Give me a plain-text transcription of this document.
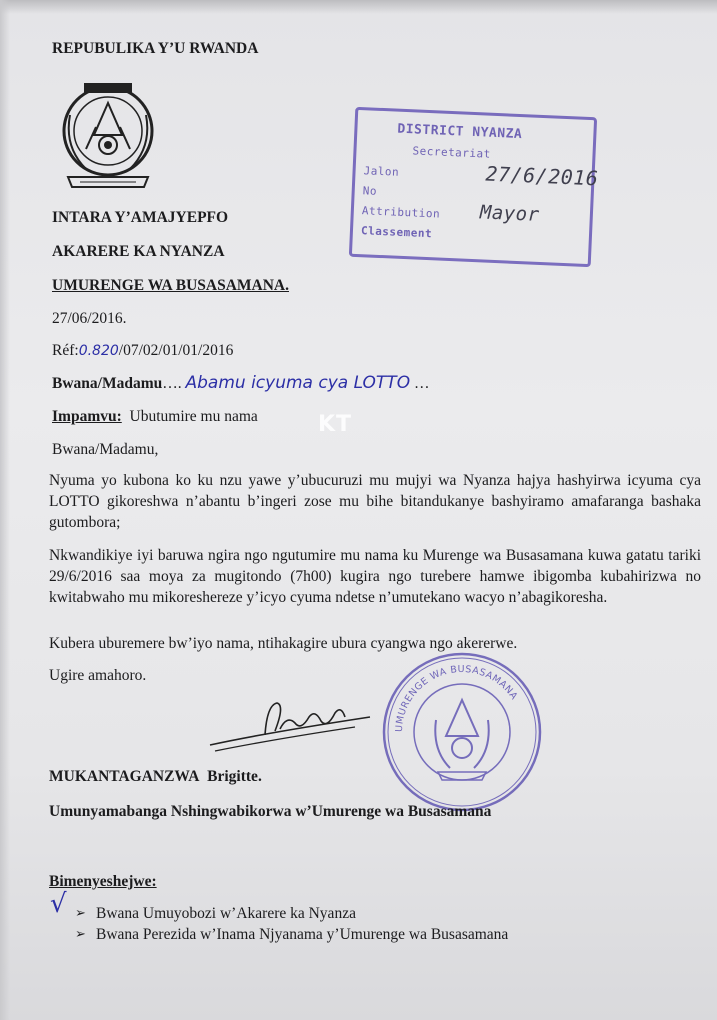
REPUBULIKA Y’U RWANDA
INTARA Y’AMAJYEPFO
AKARERE KA NYANZA
UMURENGE WA BUSASAMANA.
DISTRICT NYANZA
Secretariat
Jalon	27/6/2016
No
Attribution Mayor
Classement
27/06/2016.
Réf:0.820/07/02/01/01/2016
Bwana/Madamu…. Abamu icyuma cya LOTTO …
Impamvu: Ubutumire mu nama	KT
Bwana/Madamu,
Nyuma yo kubona ko ku nzu yawe y’ubucuruzi mu mujyi wa Nyanza hajya hashyirwa icyuma cya LOTTO gikoreshwa n’abantu b’ingeri zose mu bihe bitandukanye bashyiramo amafaranga bashaka gutombora;
Nkwandikiye iyi baruwa ngira ngo ngutumire mu nama ku Murenge wa Busasamana kuwa gatatu tariki 29/6/2016 saa moya za mugitondo (7h00) kugira ngo turebere hamwe ibigomba kubahirizwa no kwitabwaho mu mikoreshereze y’icyo cyuma ndetse n’umutekano wacyo n’abagikoresha.
Kubera uburemere bw’iyo nama, ntihakagire ubura cyangwa ngo akererwe.
Ugire amahoro.
UMURENGE WA BUSASAMANA
Dmplite
MUKANTAGANZWA Brigitte.
Umunyamabanga Nshingwabikorwa w’Umurenge wa Busasamana
Bimenyeshejwe:
√ ➢ Bwana Umuyobozi w’Akarere ka Nyanza
➢ Bwana Perezida w’Inama Njyanama y’Umurenge wa Busasamana
